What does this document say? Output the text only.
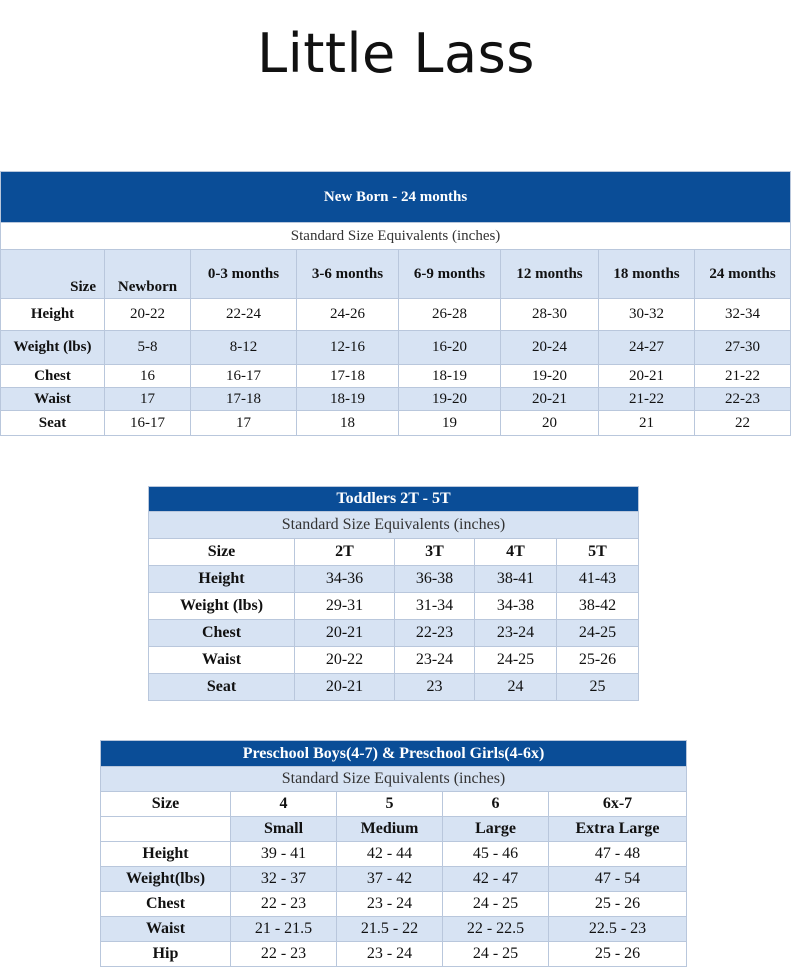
Little Lass
New Born - 24 months							
Standard Size Equivalents (inches)							
Size	Newborn	0-3 months	3-6 months	6-9 months	12 months	18 months	24 months
Height	20-22	22-24	24-26	26-28	28-30	30-32	32-34
Weight (lbs)	5-8	8-12	12-16	16-20	20-24	24-27	27-30
Chest	16	16-17	17-18	18-19	19-20	20-21	21-22
Waist	17	17-18	18-19	19-20	20-21	21-22	22-23
Seat	16-17	17	18	19	20	21	22
Toddlers 2T - 5T				
Standard Size Equivalents (inches)				
Size	2T	3T	4T	5T
Height	34-36	36-38	38-41	41-43
Weight (lbs)	29-31	31-34	34-38	38-42
Chest	20-21	22-23	23-24	24-25
Waist	20-22	23-24	24-25	25-26
Seat	20-21	23	24	25
Preschool Boys(4-7) & Preschool Girls(4-6x)				
Standard Size Equivalents (inches)				
Size	4	5	6	6x-7
	Small	Medium	Large	Extra Large
Height	39 - 41	42 - 44	45 - 46	47 - 48
Weight(lbs)	32 - 37	37 - 42	42 - 47	47 - 54
Chest	22 - 23	23 - 24	24 - 25	25 - 26
Waist	21 - 21.5	21.5 - 22	22 - 22.5	22.5 - 23
Hip	22 - 23	23 - 24	24 - 25	25 - 26
